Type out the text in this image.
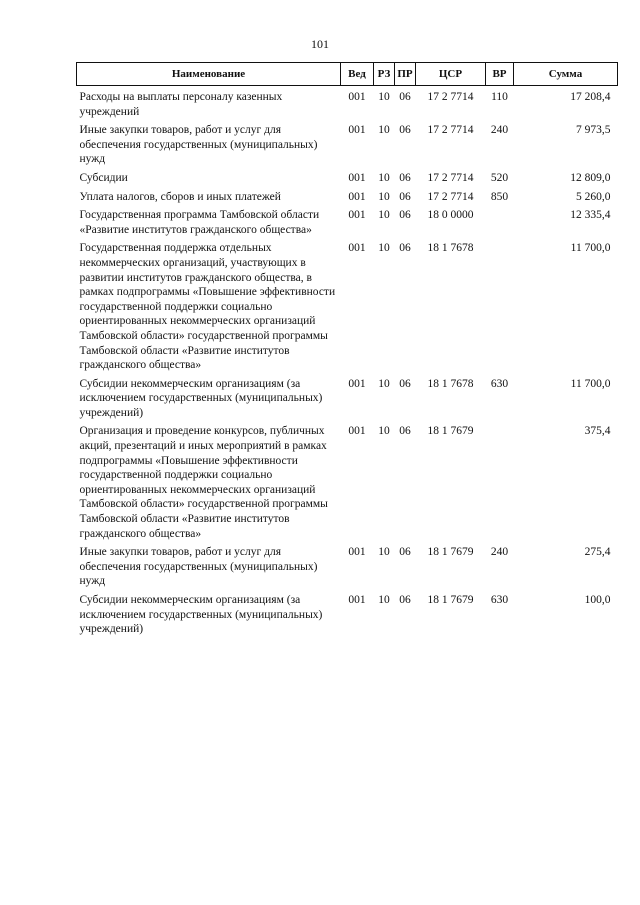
101
Наименование	Вед	РЗ	ПР	ЦСР	ВР	Сумма
Расходы на выплаты персоналу казенных учреждений	001	10	06	17 2 7714	110	17 208,4
Иные закупки товаров, работ и услуг для обеспечения государственных (муниципальных) нужд	001	10	06	17 2 7714	240	7 973,5
Субсидии	001	10	06	17 2 7714	520	12 809,0
Уплата налогов, сборов и иных платежей	001	10	06	17 2 7714	850	5 260,0
Государственная программа Тамбовской области «Развитие институтов гражданского общества»	001	10	06	18 0 0000		12 335,4
Государственная поддержка отдельных некоммерческих организаций, участвующих в развитии институтов гражданского общества, в рамках подпрограммы «Повышение эффективности государственной поддержки социально ориентированных некоммерческих организаций Тамбовской области» государственной программы Тамбовской области «Развитие институтов гражданского общества»	001	10	06	18 1 7678		11 700,0
Субсидии некоммерческим организациям (за исключением государственных (муниципальных) учреждений)	001	10	06	18 1 7678	630	11 700,0
Организация и проведение конкурсов, публичных акций, презентаций и иных мероприятий в рамках подпрограммы «Повышение эффективности государственной поддержки социально ориентированных некоммерческих организаций Тамбовской области» государственной программы Тамбовской области «Развитие институтов гражданского общества»	001	10	06	18 1 7679		375,4
Иные закупки товаров, работ и услуг для обеспечения государственных (муниципальных) нужд	001	10	06	18 1 7679	240	275,4
Субсидии некоммерческим организациям (за исключением государственных (муниципальных) учреждений)	001	10	06	18 1 7679	630	100,0
